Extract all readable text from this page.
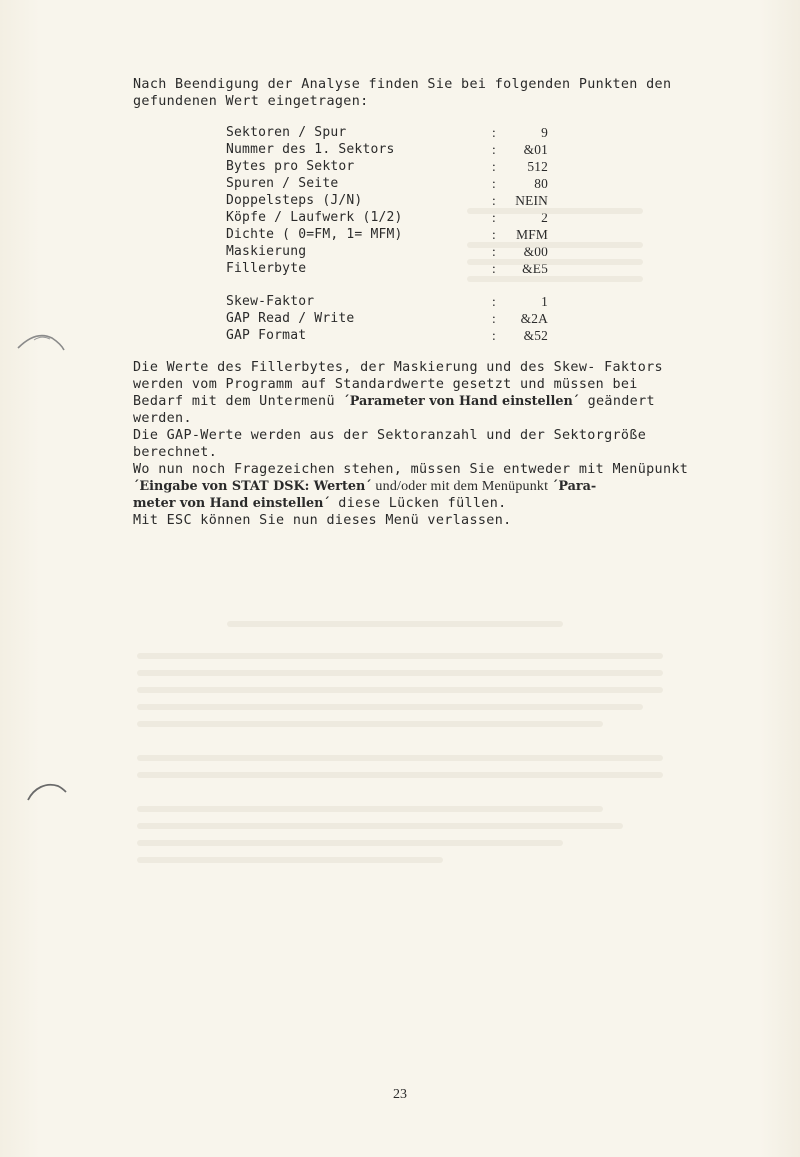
Nach Beendigung der Analyse finden Sie bei folgenden Punkten den
gefundenen Wert eingetragen:
Sektoren / Spur	:	9
Nummer des 1. Sektors	:	&01
Bytes pro Sektor	:	512
Spuren / Seite	:	80
Doppelsteps (J/N)	:	NEIN
Köpfe / Laufwerk (1/2)	:	2
Dichte ( 0=FM, 1= MFM)	:	MFM
Maskierung	:	&00
Fillerbyte	:	&E5
Skew-Faktor	:	1
GAP Read / Write	:	&2A
GAP Format	:	&52
Die Werte des Fillerbytes, der Maskierung und des Skew- Faktors
werden vom Programm auf Standardwerte gesetzt und müssen bei
Bedarf mit dem Untermenü ´Parameter von Hand einstellen´ geändert
werden.
Die GAP-Werte werden aus der Sektoranzahl und der Sektorgröße
berechnet.
Wo nun noch Fragezeichen stehen, müssen Sie entweder mit Menüpunkt
´Eingabe von STAT DSK: Werten´ und/oder mit dem Menüpunkt ´Para-
meter von Hand einstellen´ diese Lücken füllen.
Mit ESC können Sie nun dieses Menü verlassen.
23
